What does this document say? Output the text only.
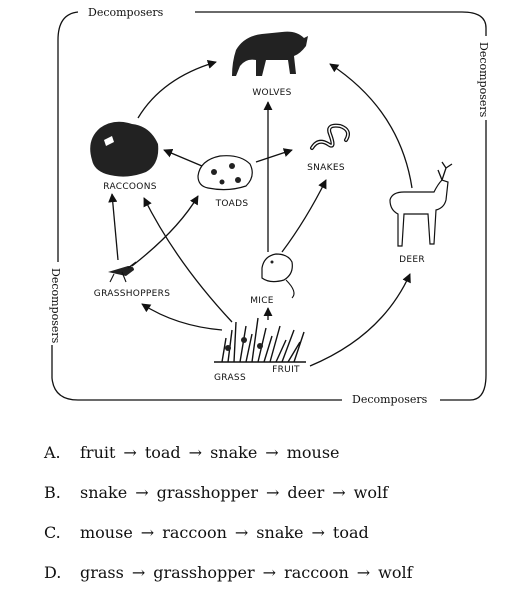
Decomposers
Decomposers
Decomposers
Decomposers
WOLVES
RACCOONS
TOADS
SNAKES
DEER
GRASSHOPPERS
MICE
GRASS
FRUIT
A.	fruit → toad → snake → mouse
B.	snake → grasshopper → deer → wolf
C.	mouse → raccoon → snake → toad
D.	grass → grasshopper → raccoon → wolf
